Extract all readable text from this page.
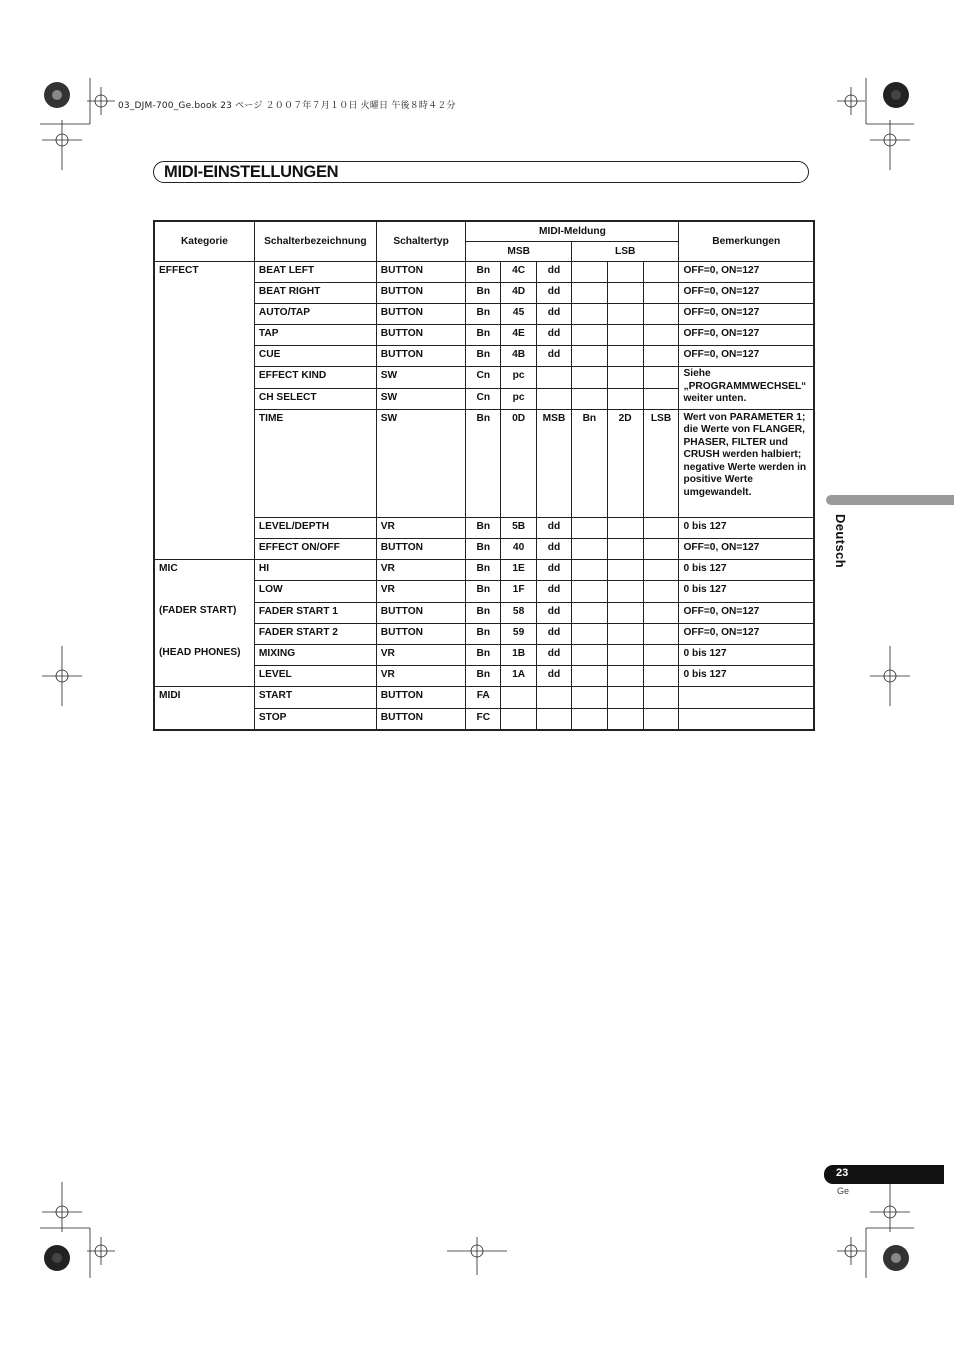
03_DJM-700_Ge.book 23 ページ ２００７年７月１０日 火曜日 午後８時４２分
MIDI-EINSTELLUNGEN
Kategorie	Schalterbezeichnung	Schaltertyp	MIDI-Meldung						Bemerkungen
			MSB			LSB			
EFFECT	BEAT LEFT	BUTTON	Bn	4C	dd				OFF=0, ON=127
	BEAT RIGHT	BUTTON	Bn	4D	dd				OFF=0, ON=127
	AUTO/TAP	BUTTON	Bn	45	dd				OFF=0, ON=127
	TAP	BUTTON	Bn	4E	dd				OFF=0, ON=127
	CUE	BUTTON	Bn	4B	dd				OFF=0, ON=127
	EFFECT KIND	SW	Cn	pc					Siehe „PROGRAMMWECHSEL“ weiter unten.
	CH SELECT	SW	Cn	pc					
	TIME	SW	Bn	0D	MSB	Bn	2D	LSB	Wert von PARAMETER 1; die Werte von FLANGER, PHASER, FILTER und CRUSH werden halbiert; negative Werte werden in positive Werte umgewandelt.
	LEVEL/DEPTH	VR	Bn	5B	dd				0 bis 127
	EFFECT ON/OFF	BUTTON	Bn	40	dd				OFF=0, ON=127
MIC	HI	VR	Bn	1E	dd				0 bis 127
	LOW	VR	Bn	1F	dd				0 bis 127
(FADER START)	FADER START 1	BUTTON	Bn	58	dd				OFF=0, ON=127
	FADER START 2	BUTTON	Bn	59	dd				OFF=0, ON=127
(HEAD PHONES)	MIXING	VR	Bn	1B	dd				0 bis 127
	LEVEL	VR	Bn	1A	dd				0 bis 127
MIDI	START	BUTTON	FA						
	STOP	BUTTON	FC						
Deutsch
23
Ge
